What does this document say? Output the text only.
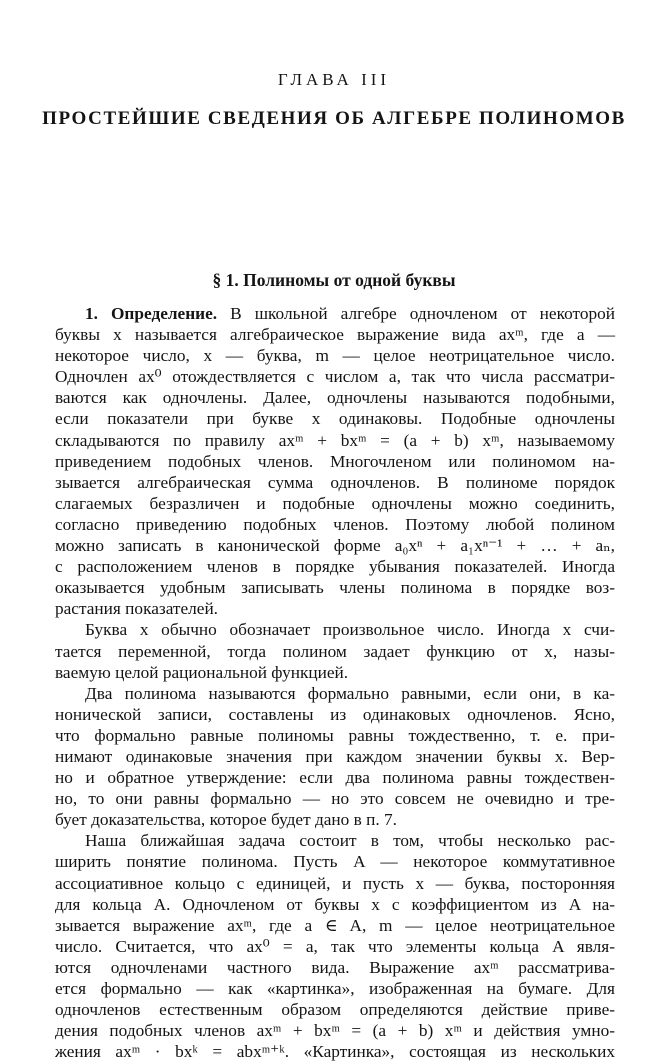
ГЛАВА III
ПРОСТЕЙШИЕ СВЕДЕНИЯ ОБ АЛГЕБРЕ ПОЛИНОМОВ
§ 1. Полиномы от одной буквы
1. Определение. В школьной алгебре одночленом от некоторой
буквы x называется алгебраическое выражение вида axᵐ, где a —
некоторое число, x — буква, m — целое неотрицательное число.
Одночлен ax⁰ отождествляется с числом a, так что числа рассматри-
ваются как одночлены. Далее, одночлены называются подобными,
если показатели при букве x одинаковы. Подобные одночлены
складываются по правилу axᵐ + bxᵐ = (a + b) xᵐ, называемому
приведением подобных членов. Многочленом или полиномом на-
зывается алгебраическая сумма одночленов. В полиноме порядок
слагаемых безразличен и подобные одночлены можно соединить,
согласно приведению подобных членов. Поэтому любой полином
можно записать в канонической форме a₀xⁿ + a₁xⁿ⁻¹ + … + aₙ,
с расположением членов в порядке убывания показателей. Иногда
оказывается удобным записывать члены полинома в порядке воз-
растания показателей.
Буква x обычно обозначает произвольное число. Иногда x счи-
тается переменной, тогда полином задает функцию от x, назы-
ваемую целой рациональной функцией.
Два полинома называются формально равными, если они, в ка-
нонической записи, составлены из одинаковых одночленов. Ясно,
что формально равные полиномы равны тождественно, т. е. при-
нимают одинаковые значения при каждом значении буквы x. Вер-
но и обратное утверждение: если два полинома равны тождествен-
но, то они равны формально — но это совсем не очевидно и тре-
бует доказательства, которое будет дано в п. 7.
Наша ближайшая задача состоит в том, чтобы несколько рас-
ширить понятие полинома. Пусть A — некоторое коммутативное
ассоциативное кольцо с единицей, и пусть x — буква, посторонняя
для кольца A. Одночленом от буквы x с коэффициентом из A на-
зывается выражение axᵐ, где a ∈ A, m — целое неотрицательное
число. Считается, что ax⁰ = a, так что элементы кольца A явля-
ются одночленами частного вида. Выражение axᵐ рассматрива-
ется формально — как «картинка», изображенная на бумаге. Для
одночленов естественным образом определяются действие приве-
дения подобных членов axᵐ + bxᵐ = (a + b) xᵐ и действия умно-
жения axᵐ · bxᵏ = abxᵐ⁺ᵏ. «Картинка», состоящая из нескольких
